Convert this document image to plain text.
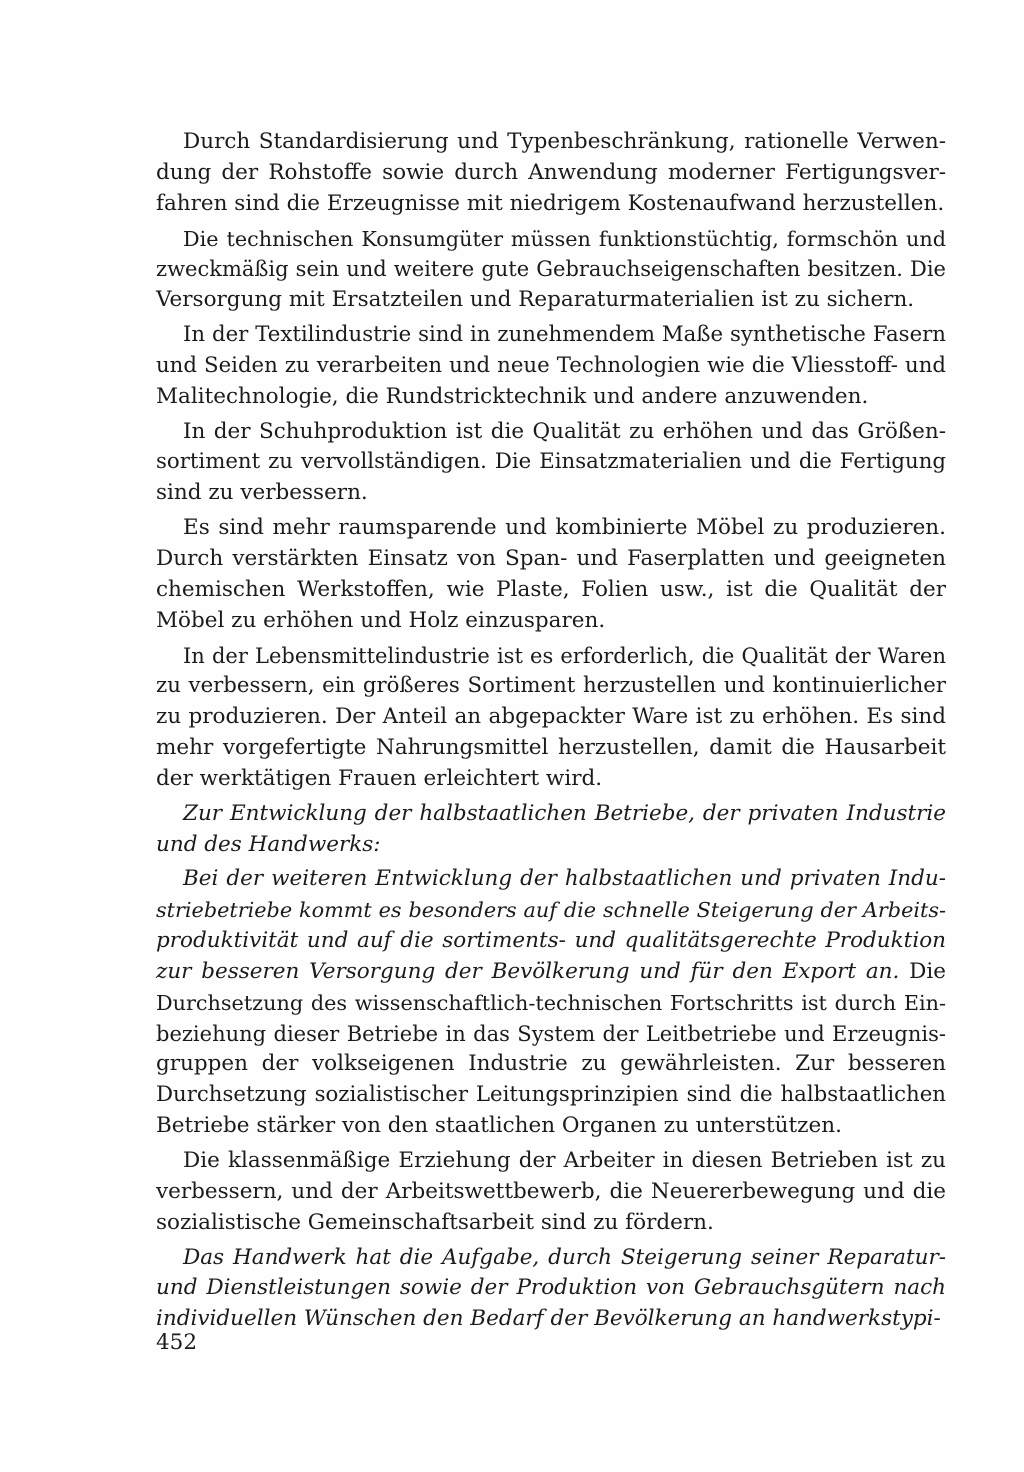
Durch Standardisierung und Typenbeschränkung, rationelle Verwen-
dung der Rohstoffe sowie durch Anwendung moderner Fertigungsver-
fahren sind die Erzeugnisse mit niedrigem Kostenaufwand herzustellen.
Die technischen Konsumgüter müssen funktionstüchtig, formschön und
zweckmäßig sein und weitere gute Gebrauchseigenschaften besitzen. Die
Versorgung mit Ersatzteilen und Reparaturmaterialien ist zu sichern.
In der Textilindustrie sind in zunehmendem Maße synthetische Fasern
und Seiden zu verarbeiten und neue Technologien wie die Vliesstoff- und
Malitechnologie, die Rundstricktechnik und andere anzuwenden.
In der Schuhproduktion ist die Qualität zu erhöhen und das Größen-
sortiment zu vervollständigen. Die Einsatzmaterialien und die Fertigung
sind zu verbessern.
Es sind mehr raumsparende und kombinierte Möbel zu produzieren.
Durch verstärkten Einsatz von Span- und Faserplatten und geeigneten
chemischen Werkstoffen, wie Plaste, Folien usw., ist die Qualität der
Möbel zu erhöhen und Holz einzusparen.
In der Lebensmittelindustrie ist es erforderlich, die Qualität der Waren
zu verbessern, ein größeres Sortiment herzustellen und kontinuierlicher
zu produzieren. Der Anteil an abgepackter Ware ist zu erhöhen. Es sind
mehr vorgefertigte Nahrungsmittel herzustellen, damit die Hausarbeit
der werktätigen Frauen erleichtert wird.
Zur Entwicklung der halbstaatlichen Betriebe, der privaten Industrie
und des Handwerks:
Bei der weiteren Entwicklung der halbstaatlichen und privaten Indu-
striebetriebe kommt es besonders auf die schnelle Steigerung der Arbeits-
produktivität und auf die sortiments- und qualitätsgerechte Produktion
zur besseren Versorgung der Bevölkerung und für den Export an. Die
Durchsetzung des wissenschaftlich-technischen Fortschritts ist durch Ein-
beziehung dieser Betriebe in das System der Leitbetriebe und Erzeugnis-
gruppen der volkseigenen Industrie zu gewährleisten. Zur besseren
Durchsetzung sozialistischer Leitungsprinzipien sind die halbstaatlichen
Betriebe stärker von den staatlichen Organen zu unterstützen.
Die klassenmäßige Erziehung der Arbeiter in diesen Betrieben ist zu
verbessern, und der Arbeitswettbewerb, die Neuererbewegung und die
sozialistische Gemeinschaftsarbeit sind zu fördern.
Das Handwerk hat die Aufgabe, durch Steigerung seiner Reparatur-
und Dienstleistungen sowie der Produktion von Gebrauchsgütern nach
individuellen Wünschen den Bedarf der Bevölkerung an handwerkstypi-
452
